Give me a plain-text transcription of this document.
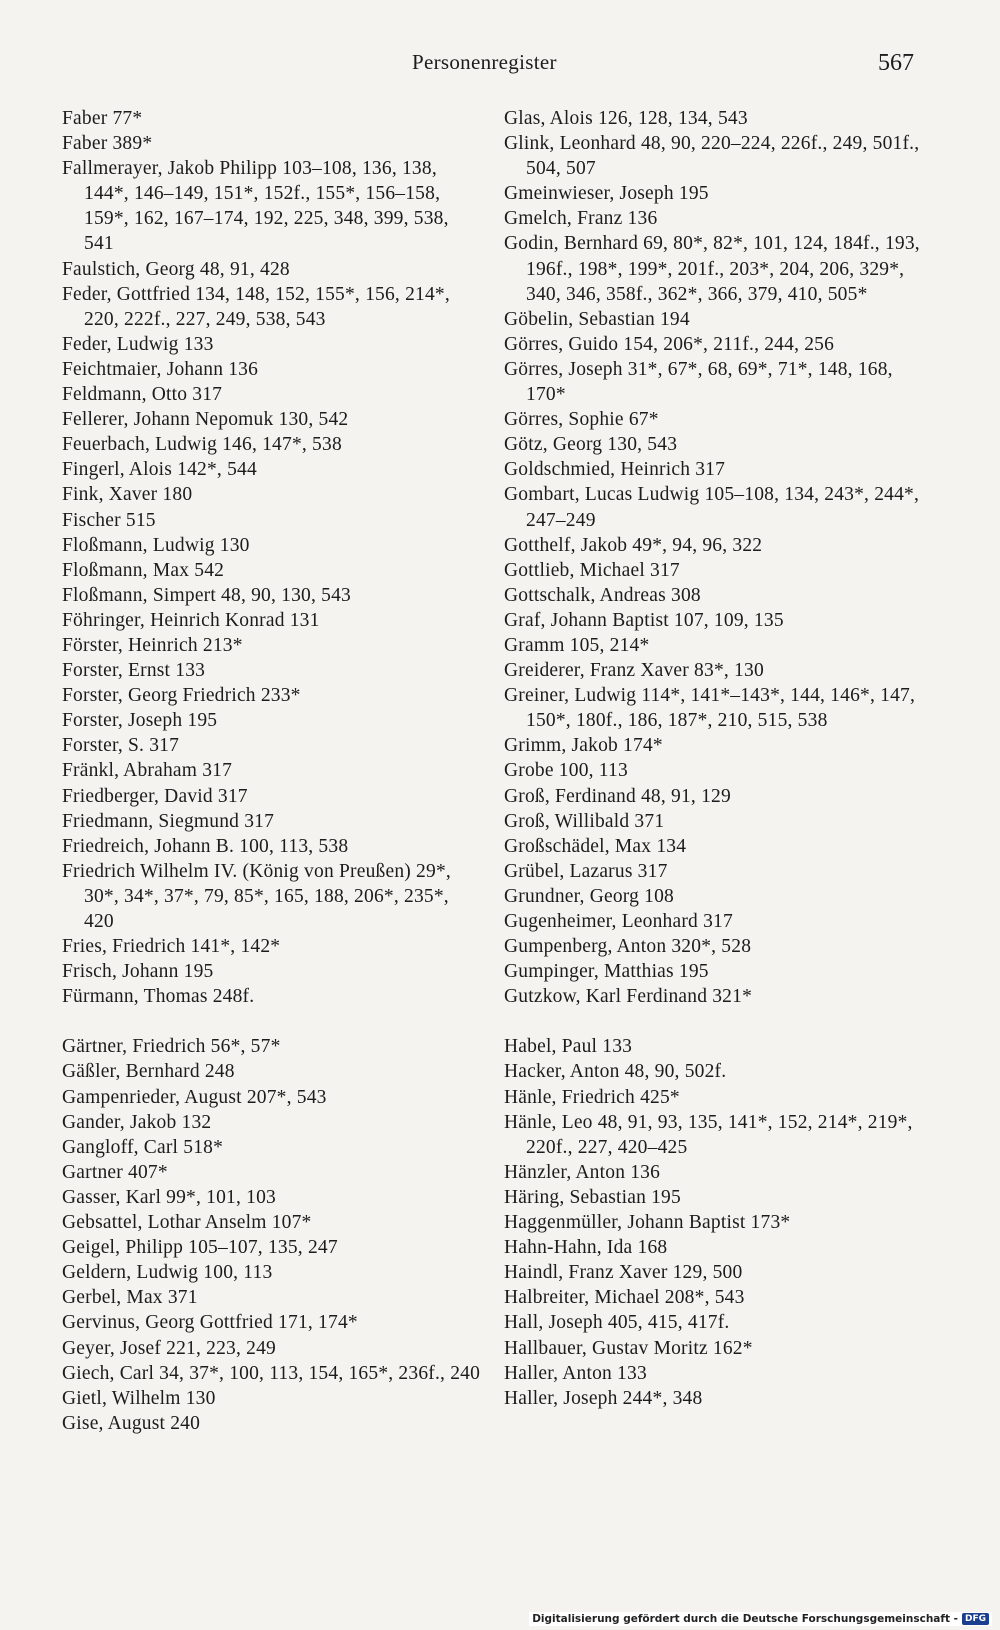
Personenregister	567
Faber 77*
Faber 389*
Fallmerayer, Jakob Philipp 103–108, 136, 138, 144*, 146–149, 151*, 152f., 155*, 156–158, 159*, 162, 167–174, 192, 225, 348, 399, 538, 541
Faulstich, Georg 48, 91, 428
Feder, Gottfried 134, 148, 152, 155*, 156, 214*, 220, 222f., 227, 249, 538, 543
Feder, Ludwig 133
Feichtmaier, Johann 136
Feldmann, Otto 317
Fellerer, Johann Nepomuk 130, 542
Feuerbach, Ludwig 146, 147*, 538
Fingerl, Alois 142*, 544
Fink, Xaver 180
Fischer 515
Floßmann, Ludwig 130
Floßmann, Max 542
Floßmann, Simpert 48, 90, 130, 543
Föhringer, Heinrich Konrad 131
Förster, Heinrich 213*
Forster, Ernst 133
Forster, Georg Friedrich 233*
Forster, Joseph 195
Forster, S. 317
Fränkl, Abraham 317
Friedberger, David 317
Friedmann, Siegmund 317
Friedreich, Johann B. 100, 113, 538
Friedrich Wilhelm IV. (König von Preußen) 29*, 30*, 34*, 37*, 79, 85*, 165, 188, 206*, 235*, 420
Fries, Friedrich 141*, 142*
Frisch, Johann 195
Fürmann, Thomas 248f.
Gärtner, Friedrich 56*, 57*
Gäßler, Bernhard 248
Gampenrieder, August 207*, 543
Gander, Jakob 132
Gangloff, Carl 518*
Gartner 407*
Gasser, Karl 99*, 101, 103
Gebsattel, Lothar Anselm 107*
Geigel, Philipp 105–107, 135, 247
Geldern, Ludwig 100, 113
Gerbel, Max 371
Gervinus, Georg Gottfried 171, 174*
Geyer, Josef 221, 223, 249
Giech, Carl 34, 37*, 100, 113, 154, 165*, 236f., 240
Gietl, Wilhelm 130
Gise, August 240
Glas, Alois 126, 128, 134, 543
Glink, Leonhard 48, 90, 220–224, 226f., 249, 501f., 504, 507
Gmeinwieser, Joseph 195
Gmelch, Franz 136
Godin, Bernhard 69, 80*, 82*, 101, 124, 184f., 193, 196f., 198*, 199*, 201f., 203*, 204, 206, 329*, 340, 346, 358f., 362*, 366, 379, 410, 505*
Göbelin, Sebastian 194
Görres, Guido 154, 206*, 211f., 244, 256
Görres, Joseph 31*, 67*, 68, 69*, 71*, 148, 168, 170*
Görres, Sophie 67*
Götz, Georg 130, 543
Goldschmied, Heinrich 317
Gombart, Lucas Ludwig 105–108, 134, 243*, 244*, 247–249
Gotthelf, Jakob 49*, 94, 96, 322
Gottlieb, Michael 317
Gottschalk, Andreas 308
Graf, Johann Baptist 107, 109, 135
Gramm 105, 214*
Greiderer, Franz Xaver 83*, 130
Greiner, Ludwig 114*, 141*–143*, 144, 146*, 147, 150*, 180f., 186, 187*, 210, 515, 538
Grimm, Jakob 174*
Grobe 100, 113
Groß, Ferdinand 48, 91, 129
Groß, Willibald 371
Großschädel, Max 134
Grübel, Lazarus 317
Grundner, Georg 108
Gugenheimer, Leonhard 317
Gumpenberg, Anton 320*, 528
Gumpinger, Matthias 195
Gutzkow, Karl Ferdinand 321*
Habel, Paul 133
Hacker, Anton 48, 90, 502f.
Hänle, Friedrich 425*
Hänle, Leo 48, 91, 93, 135, 141*, 152, 214*, 219*, 220f., 227, 420–425
Hänzler, Anton 136
Häring, Sebastian 195
Haggenmüller, Johann Baptist 173*
Hahn-Hahn, Ida 168
Haindl, Franz Xaver 129, 500
Halbreiter, Michael 208*, 543
Hall, Joseph 405, 415, 417f.
Hallbauer, Gustav Moritz 162*
Haller, Anton 133
Haller, Joseph 244*, 348
Digitalisierung gefördert durch die Deutsche Forschungsgemeinschaft - DFG
